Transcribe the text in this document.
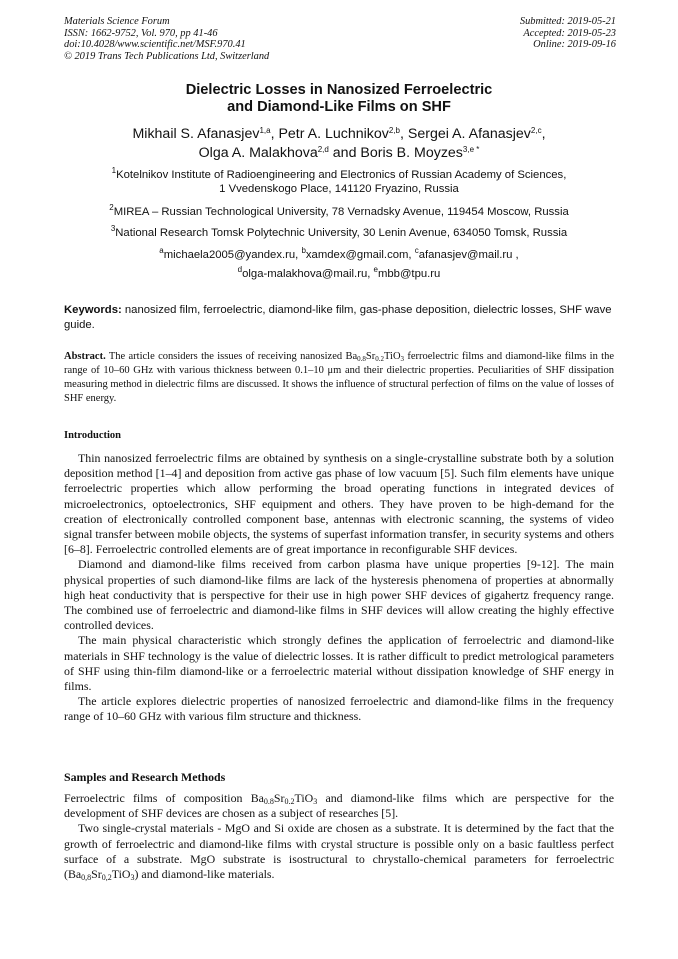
Materials Science Forum
ISSN: 1662-9752, Vol. 970, pp 41-46
doi:10.4028/www.scientific.net/MSF.970.41
© 2019 Trans Tech Publications Ltd, Switzerland
Submitted: 2019-05-21
Accepted: 2019-05-23
Online: 2019-09-16
Dielectric Losses in Nanosized Ferroelectric
and Diamond-Like Films on SHF
Mikhail S. Afanasjev$^{1,a}$, Petr A. Luchnikov$^{2,b}$, Sergei A. Afanasjev$^{2,c}$,
Olga A. Malakhova$^{2,d}$ and Boris B. Moyzes$^{3,e *}$
$^1$Kotelnikov Institute of Radioengineering and Electronics of Russian Academy of Sciences,
1 Vvedenskogo Place, 141120 Fryazino, Russia
$^2$MIREA – Russian Technological University, 78 Vernadsky Avenue, 119454 Moscow, Russia
$^3$National Research Tomsk Polytechnic University, 30 Lenin Avenue, 634050 Tomsk, Russia
$^a$michaela2005@yandex.ru, $^b$xamdex@gmail.com, $^c$afanasjev@mail.ru ,
$^d$olga-malakhova@mail.ru, $^e$mbb@tpu.ru
Keywords: nanosized film, ferroelectric, diamond-like film, gas-phase deposition, dielectric losses, SHF wave guide.
Abstract. The article considers the issues of receiving nanosized $Ba_{0.8}Sr_{0.2}TiO_3$ ferroelectric films and diamond-like films in the range of 10–60 GHz with various thickness between 0.1–10 μm and their dielectric properties. Peculiarities of SHF dissipation measuring method in dielectric films are discussed. It shows the influence of structural perfection of films on the value of losses of SHF energy.
Introduction

Thin nanosized ferroelectric films are obtained by synthesis on a single-crystalline substrate both by a solution deposition method [1–4] and deposition from active gas phase of low vacuum [5]. Such film elements have unique ferroelectric properties which allow performing the broad operating functions in integrated devices of microelectronics, optoelectronics, SHF equipment and others. They have proven to be high-demand for the creation of electronically controlled component base, antennas with electronic scanning, the systems of video signal transfer between mobile objects, the systems of superfast information transfer, in security systems and others [6–8]. Ferroelectric controlled elements are of great importance in reconfigurable SHF devices.

Diamond and diamond-like films received from carbon plasma have unique properties [9-12]. The main physical properties of such diamond-like films are lack of the hysteresis phenomena of properties at abnormally high heat conductivity that is perspective for their use in high power SHF devices of gigahertz frequency range. The combined use of ferroelectric and diamond-like films in SHF devices will allow creating the highly effective controlled devices.

The main physical characteristic which strongly defines the application of ferroelectric and diamond-like materials in SHF technology is the value of dielectric losses. It is rather difficult to predict metrological parameters of SHF using thin-film diamond-like or a ferroelectric material without dissipation knowledge of SHF energy in films.

The article explores dielectric properties of nanosized ferroelectric and diamond-like films in the frequency range of 10–60 GHz with various film structure and thickness.

Samples and Research Methods

Ferroelectric films of composition Ba0.8Sr0.2TiO3 and diamond-like films which are perspective for the development of SHF devices are chosen as a subject of researches [5].

Two single-crystal materials - MgO and Si oxide are chosen as a substrate. It is determined by the fact that the growth of ferroelectric and diamond-like films with crystal structure is possible only on a basic faultless perfect surface of a substrate. MgO substrate is isostructural to chrystallo-chemical parameters for ferroelectric (Ba0,8Sr0,2TiO3) and diamond-like materials.
